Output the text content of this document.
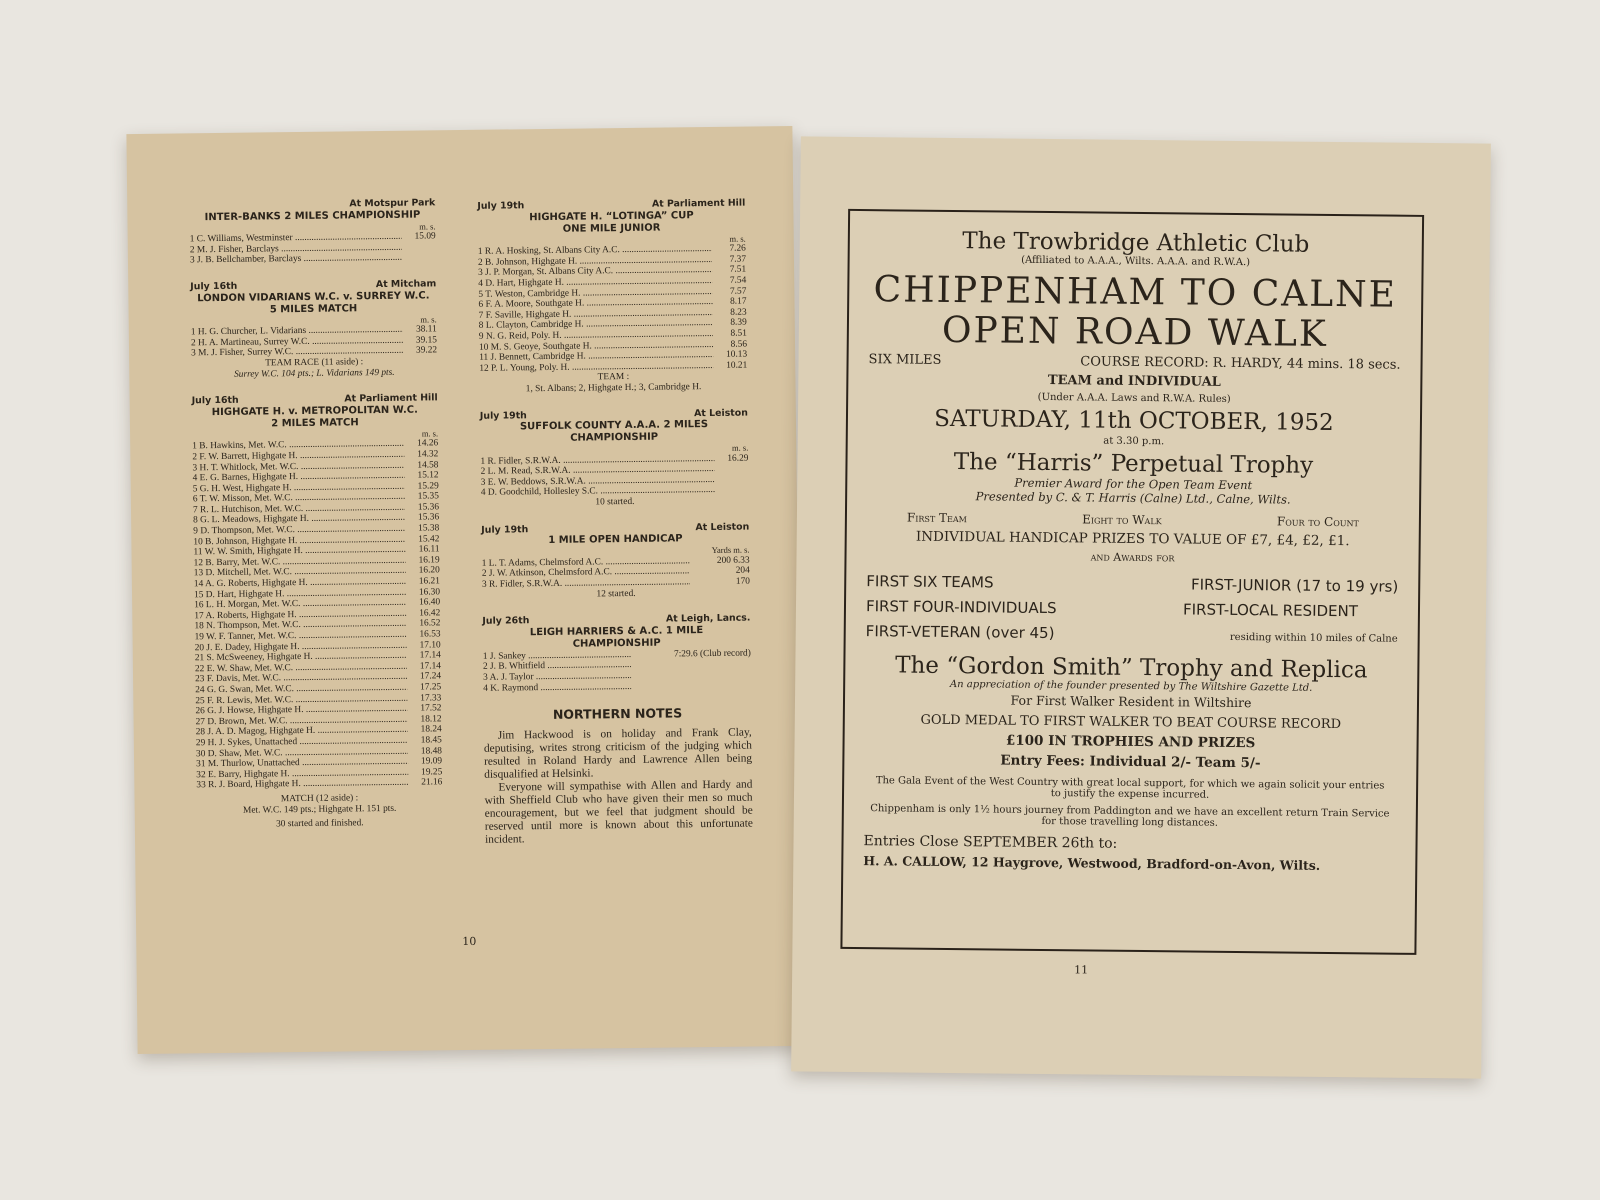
At Motspur Park
INTER-BANKS 2 MILES CHAMPIONSHIP
m. s.
1 C. Williams, Westminster .....	15.09
2 M. J. Fisher, Barclays .....
3 J. B. Bellchamber, Barclays .....
July 16th	At Mitcham
LONDON VIDARIANS W.C. v. SURREY W.C.
5 MILES MATCH
m. s.
1 H. G. Churcher, L. Vidarians .....	38.11
2 H. A. Martineau, Surrey W.C. .....	39.15
3 M. J. Fisher, Surrey W.C. .....	39.22
TEAM RACE (11 aside) :
Surrey W.C. 104 pts.; L. Vidarians 149 pts.
July 16th	At Parliament Hill
HIGHGATE H. v. METROPOLITAN W.C.
2 MILES MATCH
m. s.
1 B. Hawkins, Met. W.C. .....	14.26
2 F. W. Barrett, Highgate H. .....	14.32
3 H. T. Whitlock, Met. W.C. .....	14.58
4 E. G. Barnes, Highgate H. .....	15.12
5 G. H. West, Highgate H. .....	15.29
6 T. W. Misson, Met. W.C. .....	15.35
7 R. L. Hutchison, Met. W.C. .....	15.36
8 G. L. Meadows, Highgate H. .....	15.36
9 D. Thompson, Met. W.C. .....	15.38
10 B. Johnson, Highgate H. .....	15.42
11 W. W. Smith, Highgate H. .....	16.11
12 B. Barry, Met. W.C. .....	16.19
13 D. Mitchell, Met. W.C. .....	16.20
14 A. G. Roberts, Highgate H. .....	16.21
15 D. Hart, Highgate H. .....	16.30
16 L. H. Morgan, Met. W.C. .....	16.40
17 A. Roberts, Highgate H. .....	16.42
18 N. Thompson, Met. W.C. .....	16.52
19 W. F. Tanner, Met. W.C. .....	16.53
20 J. E. Dadey, Highgate H. .....	17.10
21 S. McSweeney, Highgate H. .....	17.14
22 E. W. Shaw, Met. W.C. .....	17.14
23 F. Davis, Met. W.C. .....	17.24
24 G. G. Swan, Met. W.C. .....	17.25
25 F. R. Lewis, Met. W.C. .....	17.33
26 G. J. Howse, Highgate H. .....	17.52
27 D. Brown, Met. W.C. .....	18.12
28 J. A. D. Magog, Highgate H. .....	18.24
29 H. J. Sykes, Unattached .....	18.45
30 D. Shaw, Met. W.C. .....	18.48
31 M. Thurlow, Unattached .....	19.09
32 E. Barry, Highgate H. .....	19.25
33 R. J. Board, Highgate H. .....	21.16
MATCH (12 aside) :
Met. W.C. 149 pts.; Highgate H. 151 pts.
30 started and finished.
July 19th	At Parliament Hill
HIGHGATE H. “LOTINGA” CUP
ONE MILE JUNIOR
m. s.
1 R. A. Hosking, St. Albans City A.C. .....	7.26
2 B. Johnson, Highgate H. .....	7.37
3 J. P. Morgan, St. Albans City A.C. .....	7.51
4 D. Hart, Highgate H. .....	7.54
5 T. Weston, Cambridge H. .....	7.57
6 F. A. Moore, Southgate H. .....	8.17
7 F. Saville, Highgate H. .....	8.23
8 L. Clayton, Cambridge H. .....	8.39
9 N. G. Reid, Poly. H. .....	8.51
10 M. S. Geoye, Southgate H. .....	8.56
11 J. Bennett, Cambridge H. .....	10.13
12 P. L. Young, Poly. H. .....	10.21
TEAM :
1, St. Albans; 2, Highgate H.; 3, Cambridge H.
July 19th	At Leiston
SUFFOLK COUNTY A.A.A. 2 MILES
CHAMPIONSHIP
m. s.
1 R. Fidler, S.R.W.A. .....	16.29
2 L. M. Read, S.R.W.A. .....
3 E. W. Beddows, S.R.W.A. .....
4 D. Goodchild, Hollesley S.C. .....
10 started.
July 19th	At Leiston
1 MILE OPEN HANDICAP
Yards m. s.
1 L. T. Adams, Chelmsford A.C. .....	200 6.33
2 J. W. Atkinson, Chelmsford A.C. .....	204
3 R. Fidler, S.R.W.A. .....	170
12 started.
July 26th	At Leigh, Lancs.
LEIGH HARRIERS & A.C. 1 MILE
CHAMPIONSHIP
1 J. Sankey .....	7:29.6 (Club record)
2 J. B. Whitfield .....
3 A. J. Taylor .....
4 K. Raymond .....
NORTHERN NOTES

Jim Hackwood is on holiday and Frank Clay, deputising, writes strong criticism of the judging which resulted in Roland Hardy and Lawrence Allen being disqualified at Helsinki.

Everyone will sympathise with Allen and Hardy and with Sheffield Club who have given their men so much encouragement, but we feel that judgment should be reserved until more is known about this unfortunate incident.

10
The Trowbridge Athletic Club
(Affiliated to A.A.A., Wilts. A.A.A. and R.W.A.)
CHIPPENHAM TO CALNE
OPEN ROAD WALK
SIX MILES	COURSE RECORD: R. HARDY, 44 mins. 18 secs.
TEAM and INDIVIDUAL
(Under A.A.A. Laws and R.W.A. Rules)
SATURDAY, 11th OCTOBER, 1952
at 3.30 p.m.
The “Harris” Perpetual Trophy
Premier Award for the Open Team Event
Presented by C. & T. Harris (Calne) Ltd., Calne, Wilts.
First Team	Eight to Walk	Four to Count
INDIVIDUAL HANDICAP PRIZES TO VALUE OF £7, £4, £2, £1.
and Awards for
FIRST SIX TEAMS	FIRST-JUNIOR (17 to 19 yrs)
FIRST FOUR-INDIVIDUALS	FIRST-LOCAL RESIDENT
FIRST-VETERAN (over 45)	residing within 10 miles of Calne
The “Gordon Smith” Trophy and Replica
An appreciation of the founder presented by The Wiltshire Gazette Ltd.
For First Walker Resident in Wiltshire
GOLD MEDAL TO FIRST WALKER TO BEAT COURSE RECORD
£100 IN TROPHIES AND PRIZES
Entry Fees: Individual 2/- Team 5/-
The Gala Event of the West Country with great local support, for which we again solicit your entries to justify the expense incurred.
Chippenham is only 1½ hours journey from Paddington and we have an excellent return Train Service for those travelling long distances.
Entries Close SEPTEMBER 26th to:
H. A. CALLOW, 12 Haygrove, Westwood, Bradford-on-Avon, Wilts.
11
